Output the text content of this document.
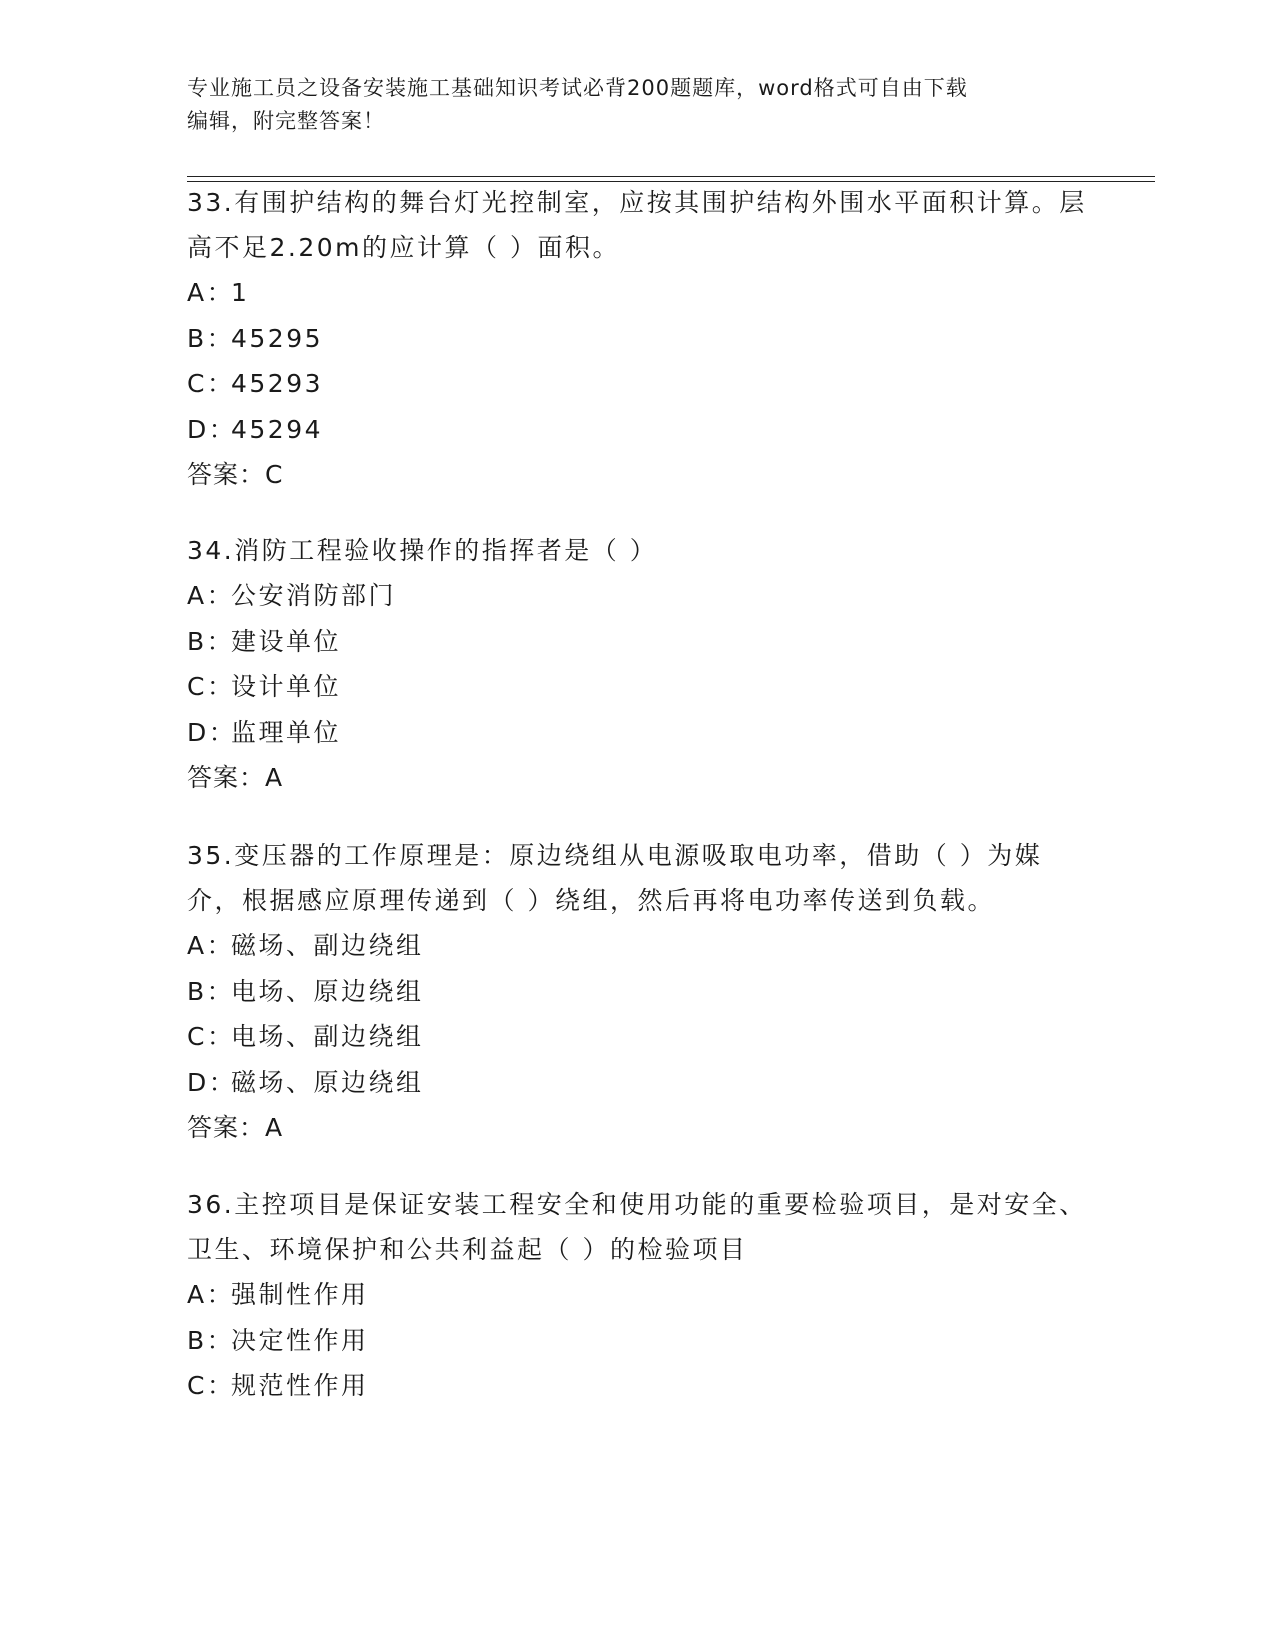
专业施工员之设备安装施工基础知识考试必背200题题库，word格式可自由下载
编辑，附完整答案！

33.有围护结构的舞台灯光控制室，应按其围护结构外围水平面积计算。层高不足2.20m的应计算（ ）面积。

A：1

B：45295

C：45293

D：45294

答案：C

34.消防工程验收操作的指挥者是（ ）

A：公安消防部门

B：建设单位

C：设计单位

D：监理单位

答案：A

35.变压器的工作原理是：原边绕组从电源吸取电功率，借助（ ）为媒介，根据感应原理传递到（ ）绕组，然后再将电功率传送到负载。

A：磁场、副边绕组

B：电场、原边绕组

C：电场、副边绕组

D：磁场、原边绕组

答案：A

36.主控项目是保证安装工程安全和使用功能的重要检验项目，是对安全、卫生、环境保护和公共利益起（ ）的检验项目

A：强制性作用

B：决定性作用

C：规范性作用
